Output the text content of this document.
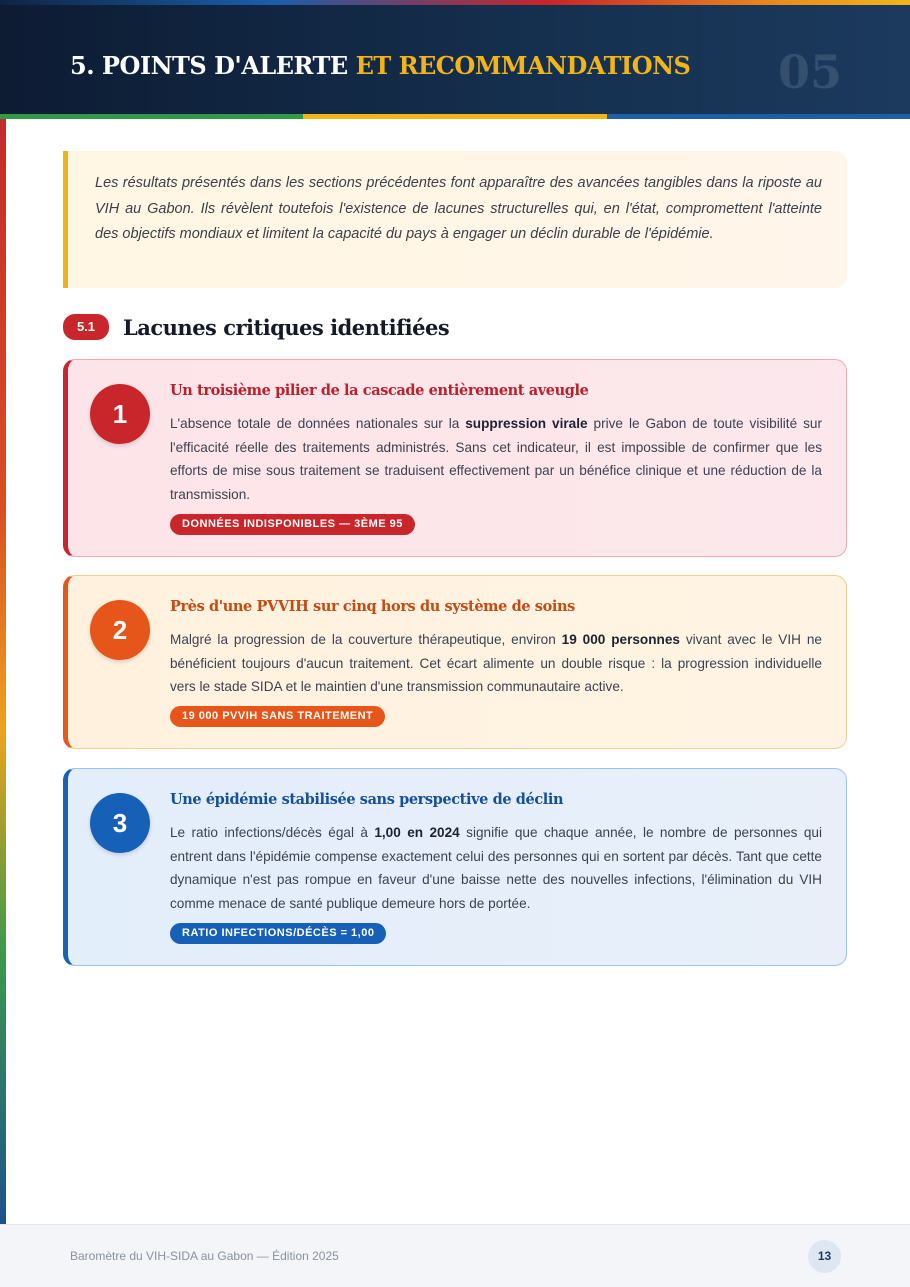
5. POINTS D'ALERTE ET RECOMMANDATIONS 05

Les résultats présentés dans les sections précédentes font apparaître des avancées tangibles dans la riposte au VIH au Gabon. Ils révèlent toutefois l'existence de lacunes structurelles qui, en l'état, compromettent l'atteinte des objectifs mondiaux et limitent la capacité du pays à engager un déclin durable de l'épidémie.

5.1	Lacunes critiques identifiées
1
Un troisième pilier de la cascade entièrement aveugle
L'absence totale de données nationales sur la suppression virale prive le Gabon de toute visibilité sur l'efficacité réelle des traitements administrés. Sans cet indicateur, il est impossible de confirmer que les efforts de mise sous traitement se traduisent effectivement par un bénéfice clinique et une réduction de la transmission.
DONNÉES INDISPONIBLES — 3ÈME 95
2
Près d'une PVVIH sur cinq hors du système de soins
Malgré la progression de la couverture thérapeutique, environ 19 000 personnes vivant avec le VIH ne bénéficient toujours d'aucun traitement. Cet écart alimente un double risque : la progression individuelle vers le stade SIDA et le maintien d'une transmission communautaire active.
19 000 PVVIH SANS TRAITEMENT
3
Une épidémie stabilisée sans perspective de déclin
Le ratio infections/décès égal à 1,00 en 2024 signifie que chaque année, le nombre de personnes qui entrent dans l'épidémie compense exactement celui des personnes qui en sortent par décès. Tant que cette dynamique n'est pas rompue en faveur d'une baisse nette des nouvelles infections, l'élimination du VIH comme menace de santé publique demeure hors de portée.
RATIO INFECTIONS/DÉCÈS = 1,00
Baromètre du VIH-SIDA au Gabon — Édition 2025	13
